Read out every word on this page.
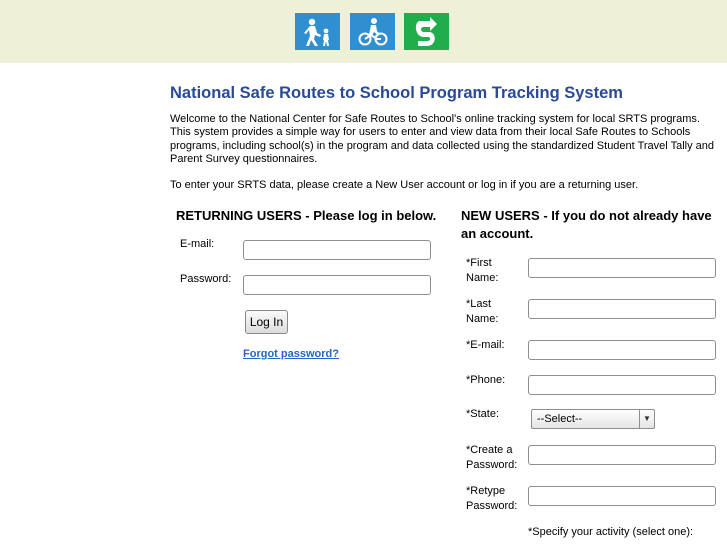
National Safe Routes to School Program Tracking System
Welcome to the National Center for Safe Routes to School's online tracking system for local SRTS programs. This system provides a simple way for users to enter and view data from their local Safe Routes to Schools programs, including school(s) in the program and data collected using the standardized Student Travel Tally and Parent Survey questionnaires.
To enter your SRTS data, please create a New User account or log in if you are a returning user.
RETURNING USERS - Please log in below.
E-mail:
Password:
Log In
Forgot password?
NEW USERS - If you do not already have an account.
*First Name:
*Last Name:
*E-mail:
*Phone:
*State:	--Select--	▼
*Create a Password:
*Retype Password:
*Specify your activity (select one):
